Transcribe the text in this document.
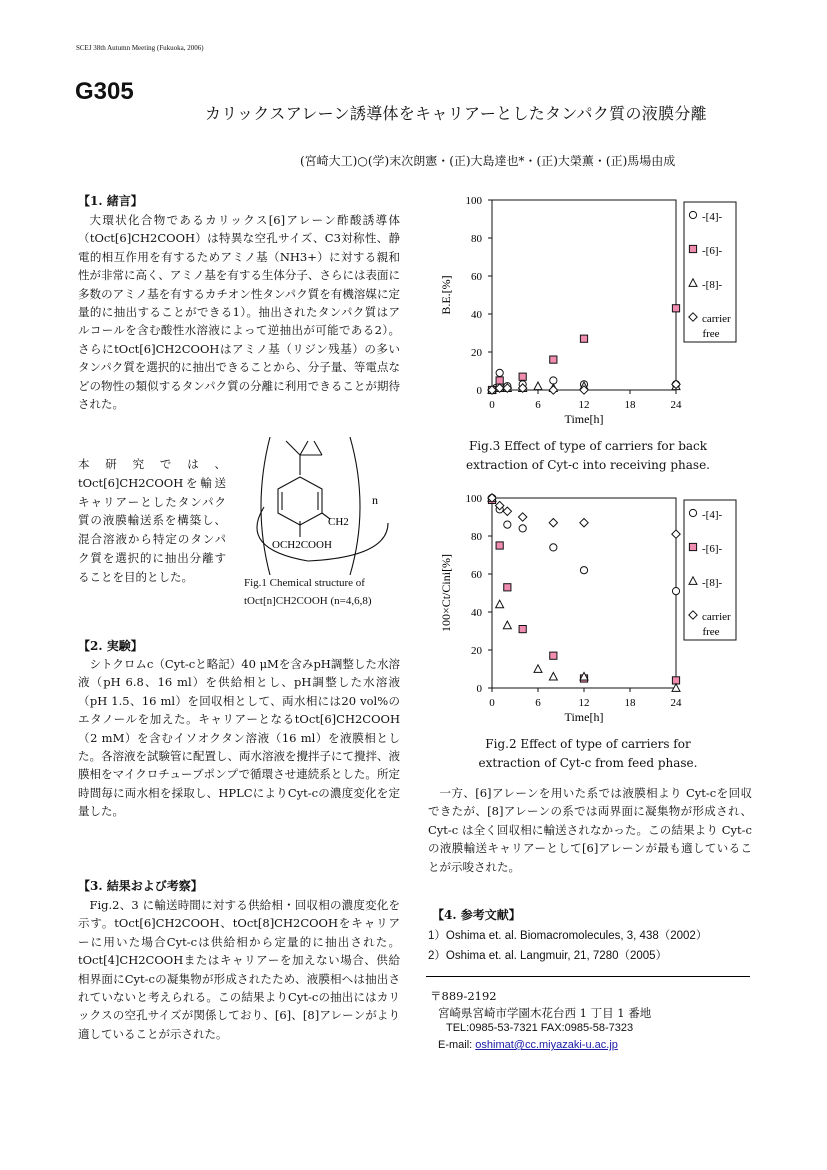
SCEJ 38th Autumn Meeting (Fukuoka, 2006)
G305
カリックスアレーン誘導体をキャリアーとしたタンパク質の液膜分離
(宮崎大工)○(学)末次朗憲・(正)大島達也*・(正)大榮薫・(正)馬場由成
【1. 緒言】
大環状化合物であるカリックス[6]アレーン酢酸誘導体（tOct[6]CH2COOH）は特異な空孔サイズ、C3対称性、静電的相互作用を有するためアミノ基（NH3+）に対する親和性が非常に高く、アミノ基を有する生体分子、さらには表面に多数のアミノ基を有するカチオン性タンパク質を有機溶媒に定量的に抽出することができる1）。抽出されたタンパク質はアルコールを含む酸性水溶液によって逆抽出が可能である2）。さらにtOct[6]CH2COOHはアミノ基（リジン残基）の多いタンパク質を選択的に抽出できることから、分子量、等電点などの物性の類似するタンパク質の分離に利用できることが期待された。
本研究では、tOct[6]CH2COOHを輸送キャリアーとしたタンパク質の液膜輸送系を構築し、混合溶液から特定のタンパク質を選択的に抽出分離することを目的とした。
n
CH2
OCH2COOH
Fig.1 Chemical structure of
tOct[n]CH2COOH (n=4,6,8)
【2. 実験】
シトクロムc（Cyt-cと略記）40 μMを含みpH調整した水溶液（pH 6.8、16 ml）を供給相とし、pH調整した水溶液（pH 1.5、16 ml）を回収相として、両水相には20 vol%のエタノールを加えた。キャリアーとなるtOct[6]CH2COOH（2 mM）を含むイソオクタン溶液（16 ml）を液膜相とした。各溶液を試験管に配置し、両水溶液を攪拌子にて攪拌、液膜相をマイクロチューブポンプで循環させ連続系とした。所定時間毎に両水相を採取し、HPLCによりCyt-cの濃度変化を定量した。
【3. 結果および考察】
Fig.2、3 に輸送時間に対する供給相・回収相の濃度変化を示す。tOct[6]CH2COOH、tOct[8]CH2COOHをキャリアーに用いた場合Cyt-cは供給相から定量的に抽出された。tOct[4]CH2COOHまたはキャリアーを加えない場合、供給相界面にCyt-cの凝集物が形成されたため、液膜相へは抽出されていないと考えられる。この結果よりCyt-cの抽出にはカリックスの空孔サイズが関係しており、[6]、[8]アレーンがより適していることが示された。
0
20
40
60
80
100
0	6	12	18	24
Time[h]
B.E.[%]
-[4]-
-[6]-
-[8]-
carrier
free
Fig.3 Effect of type of carriers for back extraction of Cyt-c into receiving phase.
0
20
40
60
80
100
0	6	12	18	24
Time[h]
100×Ct/Cini[%]
-[4]-
-[6]-
-[8]-
carrier
free
Fig.2 Effect of type of carriers for extraction of Cyt-c from feed phase.
一方、[6]アレーンを用いた系では液膜相より Cyt-cを回収できたが、[8]アレーンの系では両界面に凝集物が形成され、Cyt-c は全く回収相に輸送されなかった。この結果より Cyt-c の液膜輸送キャリアーとして[6]アレーンが最も適していることが示唆された。
【4. 参考文献】
1）Oshima et. al. Biomacromolecules, 3, 438（2002）
2）Oshima et. al. Langmuir, 21, 7280（2005）
〒889-2192
宮崎県宮崎市学園木花台西 1 丁目 1 番地
TEL:0985-53-7321 FAX:0985-58-7323
E-mail: oshimat@cc.miyazaki-u.ac.jp
